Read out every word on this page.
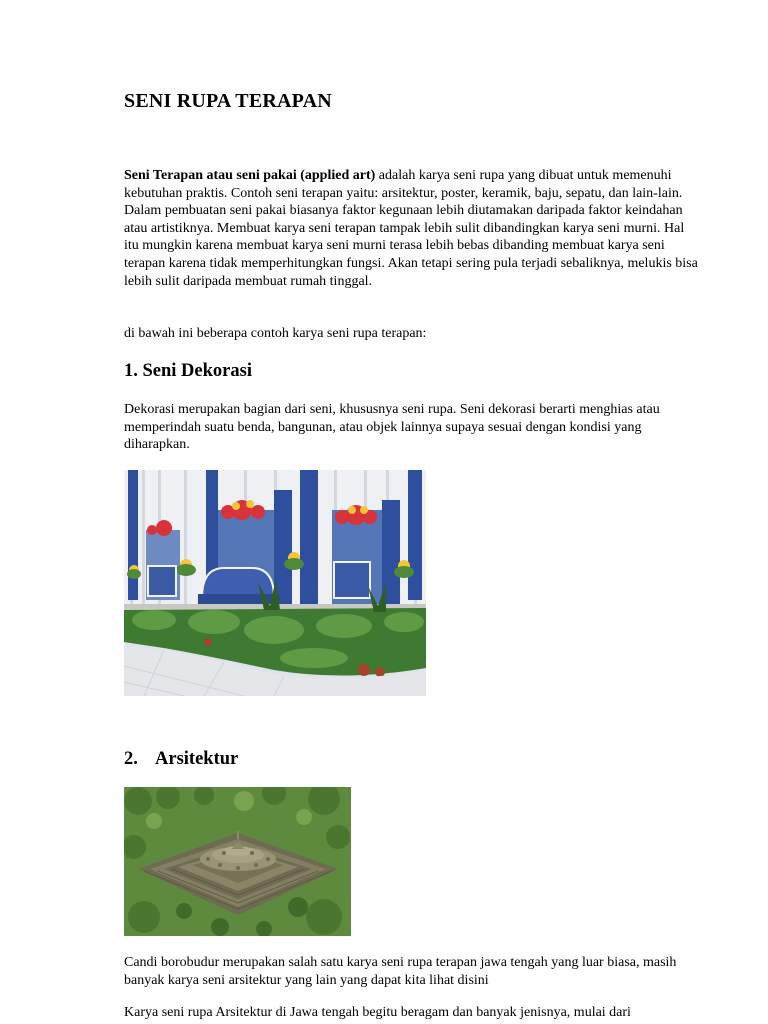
SENI RUPA TERAPAN

Seni Terapan atau seni pakai (applied art) adalah karya seni rupa yang dibuat untuk memenuhi kebutuhan praktis. Contoh seni terapan yaitu: arsitektur, poster, keramik, baju, sepatu, dan lain-lain. Dalam pembuatan seni pakai biasanya faktor kegunaan lebih diutamakan daripada faktor keindahan atau artistiknya. Membuat karya seni terapan tampak lebih sulit dibandingkan karya seni murni. Hal itu mungkin karena membuat karya seni murni terasa lebih bebas dibanding membuat karya seni terapan karena tidak memperhitungkan fungsi. Akan tetapi sering pula terjadi sebaliknya, melukis bisa lebih sulit daripada membuat rumah tinggal.

di bawah ini beberapa contoh karya seni rupa terapan:

1. Seni Dekorasi

Dekorasi merupakan bagian dari seni, khususnya seni rupa. Seni dekorasi berarti menghias atau memperindah suatu benda, bangunan, atau objek lainnya supaya sesuai dengan kondisi yang diharapkan.

2. Arsitektur

Candi borobudur merupakan salah satu karya seni rupa terapan jawa tengah yang luar biasa, masih banyak karya seni arsitektur yang lain yang dapat kita lihat disini

Karya seni rupa Arsitektur di Jawa tengah begitu beragam dan banyak jenisnya, mulai dari
